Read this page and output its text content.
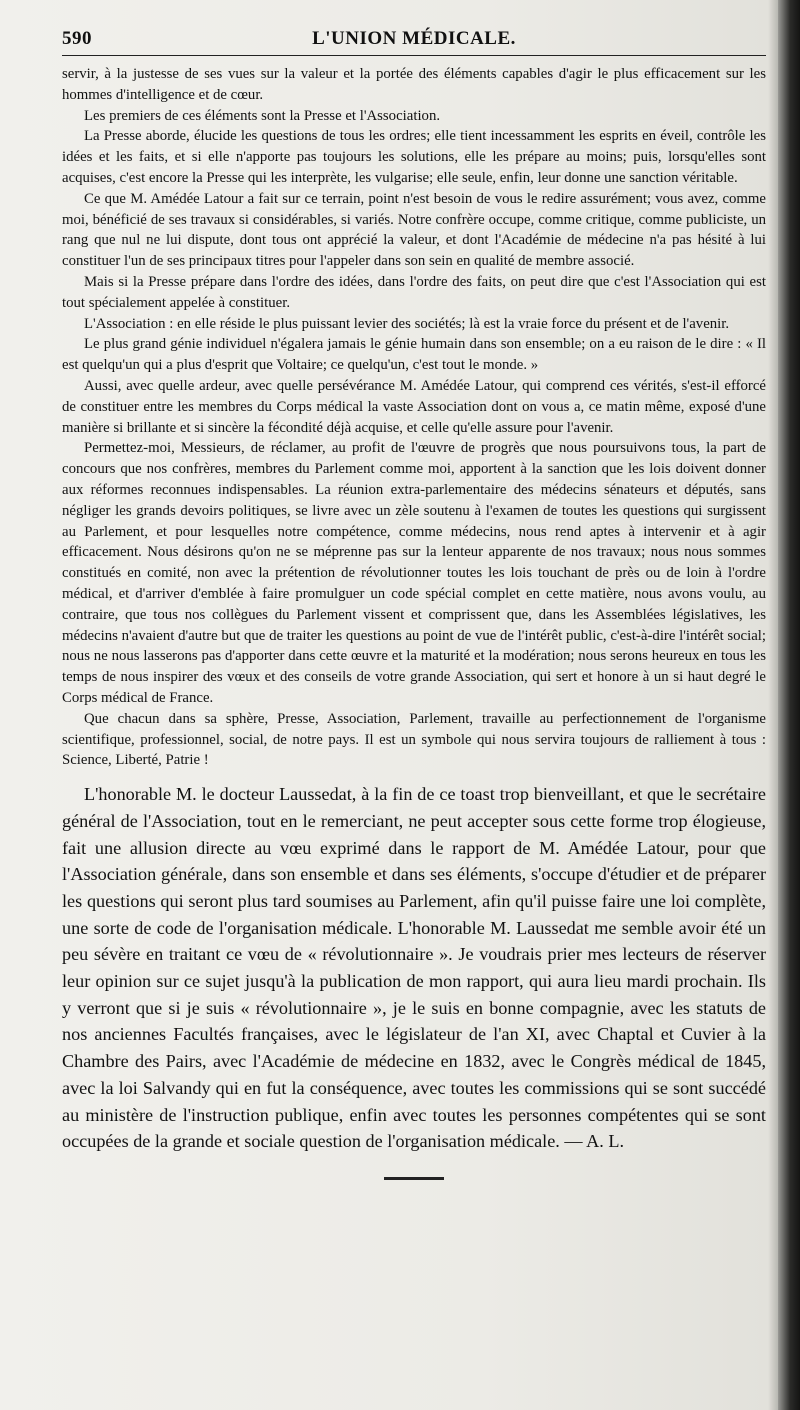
590	L'UNION MÉDICALE.

servir, à la justesse de ses vues sur la valeur et la portée des éléments capables d'agir le plus efficacement sur les hommes d'intelligence et de cœur.

Les premiers de ces éléments sont la Presse et l'Association.

La Presse aborde, élucide les questions de tous les ordres; elle tient incessamment les esprits en éveil, contrôle les idées et les faits, et si elle n'apporte pas toujours les solutions, elle les prépare au moins; puis, lorsqu'elles sont acquises, c'est encore la Presse qui les interprète, les vulgarise; elle seule, enfin, leur donne une sanction véritable.

Ce que M. Amédée Latour a fait sur ce terrain, point n'est besoin de vous le redire assurément; vous avez, comme moi, bénéficié de ses travaux si considérables, si variés. Notre confrère occupe, comme critique, comme publiciste, un rang que nul ne lui dispute, dont tous ont apprécié la valeur, et dont l'Académie de médecine n'a pas hésité à lui constituer l'un de ses principaux titres pour l'appeler dans son sein en qualité de membre associé.

Mais si la Presse prépare dans l'ordre des idées, dans l'ordre des faits, on peut dire que c'est l'Association qui est tout spécialement appelée à constituer.

L'Association : en elle réside le plus puissant levier des sociétés; là est la vraie force du présent et de l'avenir.

Le plus grand génie individuel n'égalera jamais le génie humain dans son ensemble; on a eu raison de le dire : « Il est quelqu'un qui a plus d'esprit que Voltaire; ce quelqu'un, c'est tout le monde. »

Aussi, avec quelle ardeur, avec quelle persévérance M. Amédée Latour, qui comprend ces vérités, s'est-il efforcé de constituer entre les membres du Corps médical la vaste Association dont on vous a, ce matin même, exposé d'une manière si brillante et si sincère la fécondité déjà acquise, et celle qu'elle assure pour l'avenir.

Permettez-moi, Messieurs, de réclamer, au profit de l'œuvre de progrès que nous poursuivons tous, la part de concours que nos confrères, membres du Parlement comme moi, apportent à la sanction que les lois doivent donner aux réformes reconnues indispensables. La réunion extra-parlementaire des médecins sénateurs et députés, sans négliger les grands devoirs politiques, se livre avec un zèle soutenu à l'examen de toutes les questions qui surgissent au Parlement, et pour lesquelles notre compétence, comme médecins, nous rend aptes à intervenir et à agir efficacement. Nous désirons qu'on ne se méprenne pas sur la lenteur apparente de nos travaux; nous nous sommes constitués en comité, non avec la prétention de révolutionner toutes les lois touchant de près ou de loin à l'ordre médical, et d'arriver d'emblée à faire promulguer un code spécial complet en cette matière, nous avons voulu, au contraire, que tous nos collègues du Parlement vissent et comprissent que, dans les Assemblées législatives, les médecins n'avaient d'autre but que de traiter les questions au point de vue de l'intérêt public, c'est-à-dire l'intérêt social; nous ne nous lasserons pas d'apporter dans cette œuvre et la maturité et la modération; nous serons heureux en tous les temps de nous inspirer des vœux et des conseils de votre grande Association, qui sert et honore à un si haut degré le Corps médical de France.

Que chacun dans sa sphère, Presse, Association, Parlement, travaille au perfectionnement de l'organisme scientifique, professionnel, social, de notre pays. Il est un symbole qui nous servira toujours de ralliement à tous : Science, Liberté, Patrie !

L'honorable M. le docteur Laussedat, à la fin de ce toast trop bienveillant, et que le secrétaire général de l'Association, tout en le remerciant, ne peut accepter sous cette forme trop élogieuse, fait une allusion directe au vœu exprimé dans le rapport de M. Amédée Latour, pour que l'Association générale, dans son ensemble et dans ses éléments, s'occupe d'étudier et de préparer les questions qui seront plus tard soumises au Parlement, afin qu'il puisse faire une loi complète, une sorte de code de l'organisation médicale. L'honorable M. Laussedat me semble avoir été un peu sévère en traitant ce vœu de « révolutionnaire ». Je voudrais prier mes lecteurs de réserver leur opinion sur ce sujet jusqu'à la publication de mon rapport, qui aura lieu mardi prochain. Ils y verront que si je suis « révolutionnaire », je le suis en bonne compagnie, avec les statuts de nos anciennes Facultés françaises, avec le législateur de l'an XI, avec Chaptal et Cuvier à la Chambre des Pairs, avec l'Académie de médecine en 1832, avec le Congrès médical de 1845, avec la loi Salvandy qui en fut la conséquence, avec toutes les commissions qui se sont succédé au ministère de l'instruction publique, enfin avec toutes les personnes compétentes qui se sont occupées de la grande et sociale question de l'organisation médicale. — A. L.
